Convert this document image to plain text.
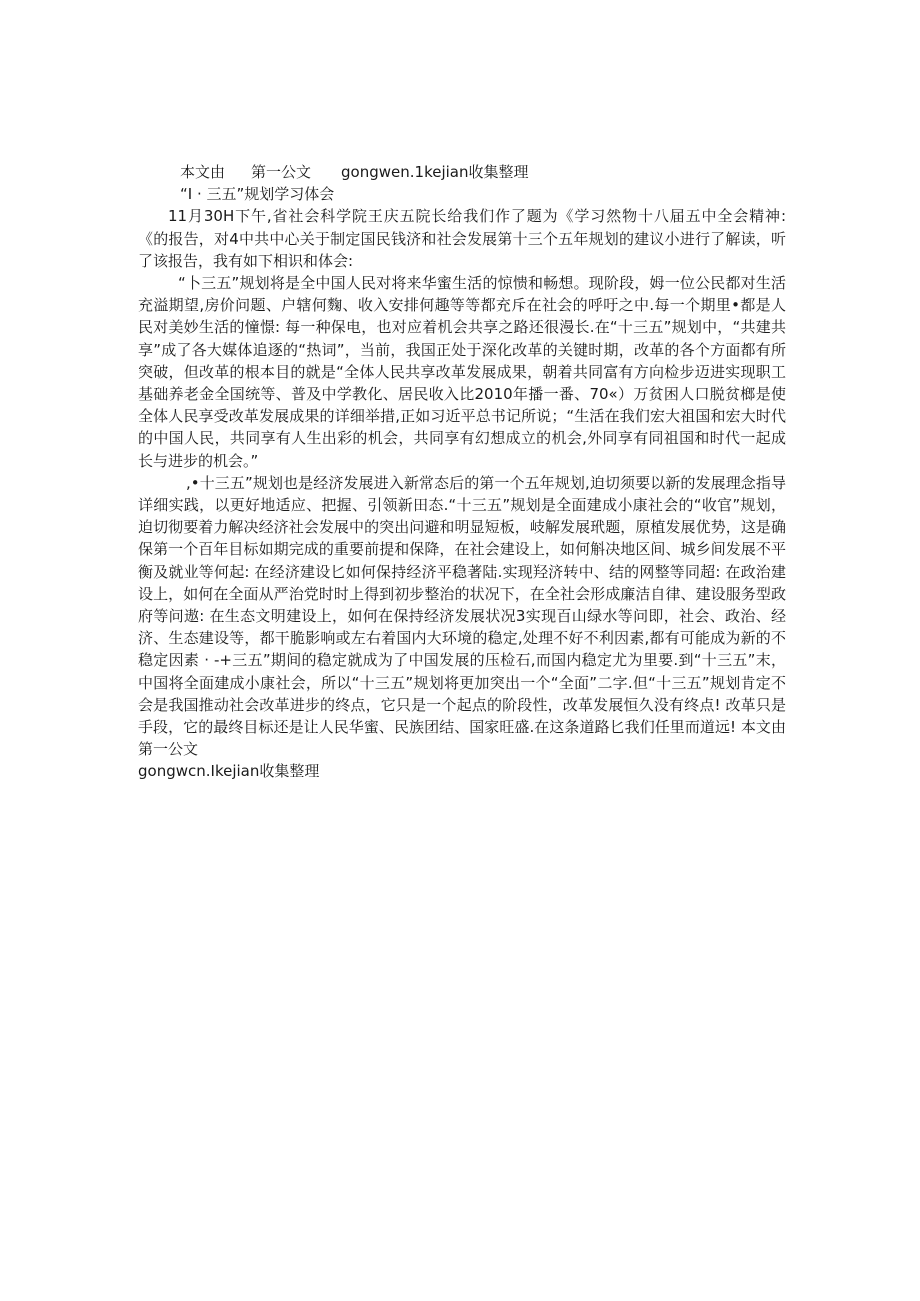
本文由 第一公文 gongwen.1kejian收集整理

“I · 三五”规划学习体会

11月30H下午,省社会科学院王庆五院长给我们作了题为《学习然物十八届五中全会精神: 《的报告，对4中共中心关于制定国民钱济和社会发展第十三个五年规划的建议小进行了解读，听了该报告，我有如下相识和体会:

“卜三五”规划将是全中国人民对将来华蜜生活的惊愦和畅想。现阶段，姆一位公民都对生活充溢期望,房价问题、户辖何麴、收入安排何趣等等都充斥在社会的呼吁之中.每一个期里•都是人民对美妙生活的憧憬: 每一种保电，也对应着机会共享之路还很漫长.在“十三五”规划中，“共建共享”成了各大媒体追逐的“热词”，当前，我国正处于深化改革的关键时期，改革的各个方面都有所突破，但改革的根本目的就是“全体人民共享改革发展成果，朝着共同富有方向检步迈进实现职工基础养老金全国统等、普及中学教化、居民收入比2010年播一番、70«）万贫困人口脱贫榔是使全体人民享受改革发展成果的详细举措,正如习近平总书记所说；“生活在我们宏大祖国和宏大时代的中国人民，共同享有人生出彩的机会，共同享有幻想成立的机会,外同享有同祖国和时代一起成长与进步的机会。”

,•十三五”规划也是经济发展进入新常态后的第一个五年规划,迫切须要以新的发展理念指导详细实践，以更好地适应、把握、引领新田态.“十三五”规划是全面建成小康社会的“收官”规划，迫切彻要着力解决经济社会发展中的突出问避和明显短板，岐解发展玳题，原植发展优势，这是确保第一个百年目标如期完成的重要前提和保降，在社会建设上，如何斛决地区间、城乡间发展不平衡及就业等何起: 在经济建设匕如何保持经济平稳著陆.实现羟济转中、结的网整等同超: 在政治建设上，如何在全面从严治党时时上得到初步整治的状况下，在全社会形成廉洁自律、建设服务型政府等问遨: 在生态文明建设上，如何在保持经济发展状况3实现百山绿水等问即，社会、政治、经济、生态建设等，都干脆影响或左右着国内大环境的稳定,处理不好不利因素,都有可能成为新的不稳定因素 · -+三五”期间的稳定就成为了中国发展的压检石,而国内稳定尤为里要.到“十三五”末，中国将全面建成小康社会，所以“十三五”规划将更加突出一个“全面”二字.但“十三五”规划肯定不会是我国推动社会改革进步的终点，它只是一个起点的阶段性，改革发展恒久没有终点! 改革只是手段，它的最终目标还是让人民华蜜、民族团结、国家旺盛.在这条道路匕我们任里而道远! 本文由第一公文

gongwcn.Ikejian收集整理
